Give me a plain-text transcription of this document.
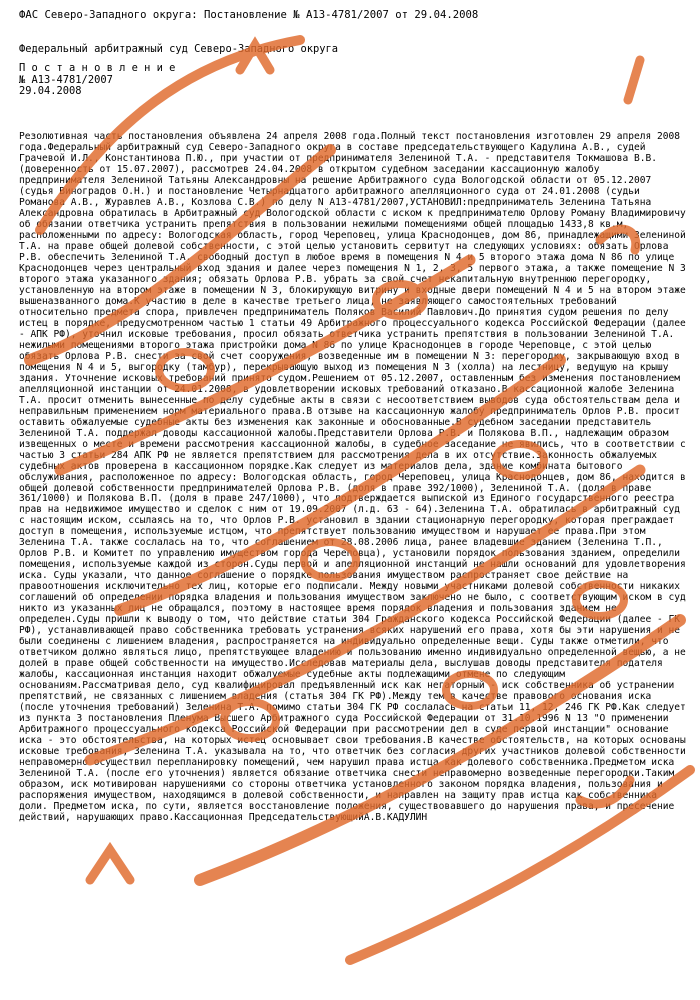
ФАС Северо-Западного округа: Постановление № А13-4781/2007 от 29.04.2008
Федеральный арбитражный суд Северо-Западного округа
П о с т а н о в л е н и е
№ А13-4781/2007
29.04.2008
Резолютивная часть постановления объявлена 24 апреля 2008 года.Полный текст постановления изготовлен 29 апреля 2008 года.Федеральный арбитражный суд Северо-Западного округа в составе председательствующего Кадулина А.В., судей Грачевой И.Л., Константинова П.Ю., при участии от предпринимателя Зелениной Т.А. - представителя Токмашова В.В. (доверенность от 15.07.2007), рассмотрев 24.04.2008 в открытом судебном заседании кассационную жалобу предпринимателя Зелениной Татьяны Александровны на решение Арбитражного суда Вологодской области от 05.12.2007 (судья Виноградов О.Н.) и постановление Четырнадцатого арбитражного апелляционного суда от 24.01.2008 (судьи Романова А.В., Журавлев А.В., Козлова С.В.) по делу N А13-4781/2007,УСТАНОВИЛ:предприниматель Зеленина Татьяна Александровна обратилась в Арбитражный суд Вологодской области с иском к предпринимателю Орлову Роману Владимировичу об обязании ответчика устранить препятствия в пользовании нежилыми помещениями общей площадью 1433,8 кв.м, расположенными по адресу: Вологодская область, город Череповец, улица Краснодонцев, дом 86, принадлежащими Зелениной Т.А. на праве общей долевой собственности, с этой целью установить сервитут на следующих условиях: обязать Орлова Р.В. обеспечить Зелениной Т.А. свободный доступ в любое время в помещения N 4 и 5 второго этажа дома N 86 по улице Краснодонцев через центральный вход здания и далее через помещения N 1, 2, 3, 5 первого этажа, а также помещение N 3 второго этажа указанного здания; обязать Орлова Р.В. убрать за свой счет некапитальную внутреннюю перегородку, установленную на втором этаже в помещении N 3, блокирующую витрину и входные двери помещений N 4 и 5 на втором этаже вышеназванного дома.К участию в деле в качестве третьего лица, не заявляющего самостоятельных требований относительно предмета спора, привлечен предприниматель Поляков Василий Павлович.До принятия судом решения по делу истец в порядке, предусмотренном частью 1 статьи 49 Арбитражного процессуального кодекса Российской Федерации (далее - АПК РФ), уточнил исковые требования, просил обязать ответчика устранить препятствия в пользовании Зелениной Т.А. нежилыми помещениями второго этажа пристройки дома N 86 по улице Краснодонцев в городе Череповце, с этой целью обязать Орлова Р.В. снести за свой счет сооружения, возведенные им в помещении N 3: перегородку, закрывающую вход в помещения N 4 и 5, выгородку (тамбур), перекрывающую выход из помещения N 3 (холла) на лестницу, ведущую на крышу здания. Уточнение исковых требований принято судом.Решением от 05.12.2007, оставленным без изменения постановлением апелляционной инстанции от 24.01.2008, в удовлетворении исковых требований отказано.В кассационной жалобе Зеленина Т.А. просит отменить вынесенные по делу судебные акты в связи с несоответствием выводов суда обстоятельствам дела и неправильным применением норм материального права.В отзыве на кассационную жалобу предприниматель Орлов Р.В. просит оставить обжалуемые судебные акты без изменения как законные и обоснованные.В судебном заседании представитель Зелениной Т.А. поддержал доводы кассационной жалобы.Представители Орлова Р.В. и Полякова В.П., надлежащим образом извещенных о месте и времени рассмотрения кассационной жалобы, в судебное заседание не явились, что в соответствии с частью 3 статьи 284 АПК РФ не является препятствием для рассмотрения дела в их отсутствие.Законность обжалуемых судебных актов проверена в кассационном порядке.Как следует из материалов дела, здание комбината бытового обслуживания, расположенное по адресу: Вологодская область, город Череповец, улица Краснодонцев, дом 86, находится в общей долевой собственности предпринимателей Орлова Р.В. (доля в праве 392/1000), Зелениной Т.А. (доля в праве 361/1000) и Полякова В.П. (доля в праве 247/1000), что подтверждается выпиской из Единого государственного реестра прав на недвижимое имущество и сделок с ним от 19.09.2007 (л.д. 63 - 64).Зеленина Т.А. обратилась в арбитражный суд с настоящим иском, ссылаясь на то, что Орлов Р.В. установил в здании стационарную перегородку, которая преграждает доступ в помещения, используемые истцом, что препятствует пользованию имуществом и нарушает ее права.При этом Зеленина Т.А. также сослалась на то, что соглашением от 28.08.2006 лица, ранее владевшие зданием (Зеленина Т.П., Орлов Р.В. и Комитет по управлению имуществом города Череповца), установили порядок пользования зданием, определили помещения, используемые каждой из сторон.Суды первой и апелляционной инстанций не нашли оснований для удовлетворения иска. Суды указали, что данное соглашение о порядке пользования имуществом распространяет свое действие на правоотношения исключительно тех лиц, которые его подписали. Между новыми участниками долевой собственности никаких соглашений об определении порядка владения и пользования имуществом заключено не было, с соответствующим иском в суд никто из указанных лиц не обращался, поэтому в настоящее время порядок владения и пользования зданием не определен.Суды пришли к выводу о том, что действие статьи 304 Гражданского кодекса Российской Федерации (далее - ГК РФ), устанавливающей право собственника требовать устранения всяких нарушений его права, хотя бы эти нарушения и не были соединены с лишением владения, распространяется на индивидуально определенные вещи. Суды также отметили, что ответчиком должно являться лицо, препятствующее владению и пользованию именно индивидуально определенной вещью, а не долей в праве общей собственности на имущество.Исследовав материалы дела, выслушав доводы представителя подателя жалобы, кассационная инстанция находит обжалуемые судебные акты подлежащими отмене по следующим основаниям.Рассматривая дело, суд квалифицировал предъявленный иск как негаторный - иск собственника об устранении препятствий, не связанных с лишением владения (статья 304 ГК РФ).Между тем в качестве правового основания иска (после уточнения требований) Зеленина Т.А. помимо статьи 304 ГК РФ сослалась на статьи 11, 12, 246 ГК РФ.Как следует из пункта 3 постановления Пленума Высшего Арбитражного суда Российской Федерации от 31.10.1996 N 13 "О применении Арбитражного процессуального кодекса Российской Федерации при рассмотрении дел в суде первой инстанции" основание иска - это обстоятельства, на которых истец основывает свои требования.В качестве обстоятельств, на которых основаны исковые требования, Зеленина Т.А. указывала на то, что ответчик без согласия других участников долевой собственности неправомерно осуществил перепланировку помещений, чем нарушил права истца как долевого собственника.Предметом иска Зелениной Т.А. (после его уточнения) является обязание ответчика снести неправомерно возведенные перегородки.Таким образом, иск мотивирован нарушениями со стороны ответчика установленного законом порядка владения, пользования и распоряжения имуществом, находящимся в долевой собственности, и направлен на защиту прав истца как собственника доли. Предметом иска, по сути, является восстановление положения, существовавшего до нарушения права, и пресечение действий, нарушающих право.Кассационная ПредседательствующийА.В.КАДУЛИН
